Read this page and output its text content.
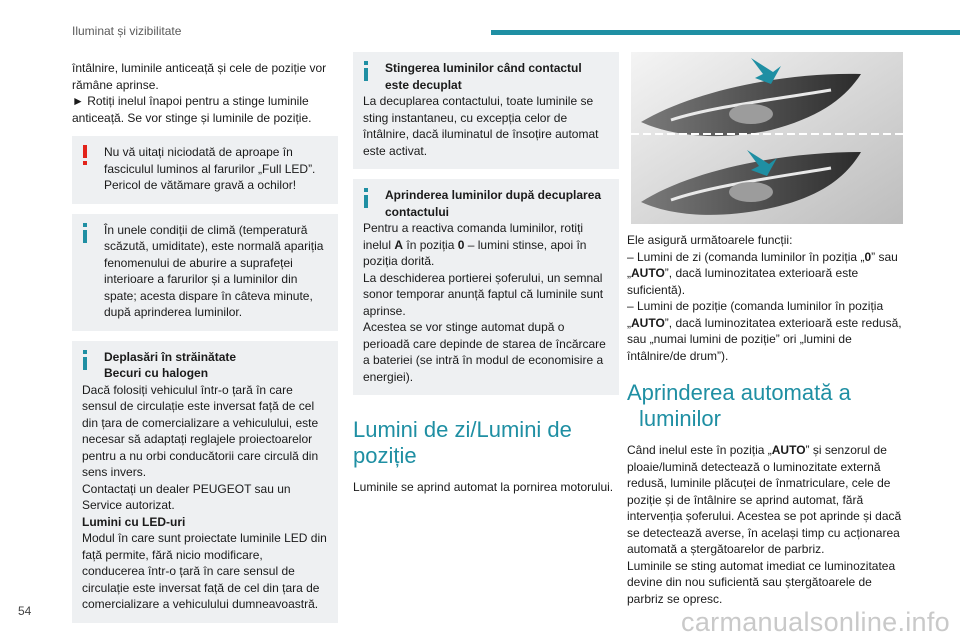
Iluminat și vizibilitate

întâlnire, luminile anticeață și cele de poziție vor rămâne aprinse.

► Rotiți inelul înapoi pentru a stinge luminile anticeață. Se vor stinge și luminile de poziție.

Nu vă uitați niciodată de aproape în fasciculul luminos al farurilor „Full LED”. Pericol de vătămare gravă a ochilor!

În unele condiții de climă (temperatură scăzută, umiditate), este normală apariția fenomenului de aburire a suprafeței interioare a farurilor și a luminilor din spate; acesta dispare în câteva minute, după aprinderea luminilor.

Deplasări în străinătate

Becuri cu halogen

Dacă folosiți vehiculul într-o țară în care sensul de circulație este inversat față de cel din țara de comercializare a vehiculului, este necesar să adaptați reglajele proiectoarelor pentru a nu orbi conducătorii care circulă din sens invers.

Contactați un dealer PEUGEOT sau un Service autorizat.

Lumini cu LED-uri

Modul în care sunt proiectate luminile LED din față permite, fără nicio modificare, conducerea într-o țară în care sensul de circulație este inversat față de cel din țara de comercializare a vehiculului dumneavoastră.

Stingerea luminilor când contactul este decuplat

La decuplarea contactului, toate luminile se sting instantaneu, cu excepția celor de întâlnire, dacă iluminatul de însoțire automat este activat.

Aprinderea luminilor după decuplarea contactului

Pentru a reactiva comanda luminilor, rotiți inelul A în poziția 0 – lumini stinse, apoi în poziția dorită.

La deschiderea portierei șoferului, un semnal sonor temporar anunță faptul că luminile sunt aprinse.

Acestea se vor stinge automat după o perioadă care depinde de starea de încărcare a bateriei (se intră în modul de economisire a energiei).

Lumini de zi/Lumini de
poziție

Luminile se aprind automat la pornirea motorului.

Ele asigură următoarele funcții:

– Lumini de zi (comanda luminilor în poziția „0” sau „AUTO”, dacă luminozitatea exterioară este suficientă).

– Lumini de poziție (comanda luminilor în poziția „AUTO”, dacă luminozitatea exterioară este redusă, sau „numai lumini de poziție” ori „lumini de întâlnire/de drum”).

Aprinderea automată a
luminilor

Când inelul este în poziția „AUTO” și senzorul de ploaie/lumină detectează o luminozitate externă redusă, luminile plăcuței de înmatriculare, cele de poziție și de întâlnire se aprind automat, fără intervenția șoferului. Acestea se pot aprinde și dacă se detectează averse, în același timp cu acționarea automată a ștergătoarelor de parbriz.

Luminile se sting automat imediat ce luminozitatea devine din nou suficientă sau ștergătoarele de parbriz se opresc.

54	carmanualsonline.info
